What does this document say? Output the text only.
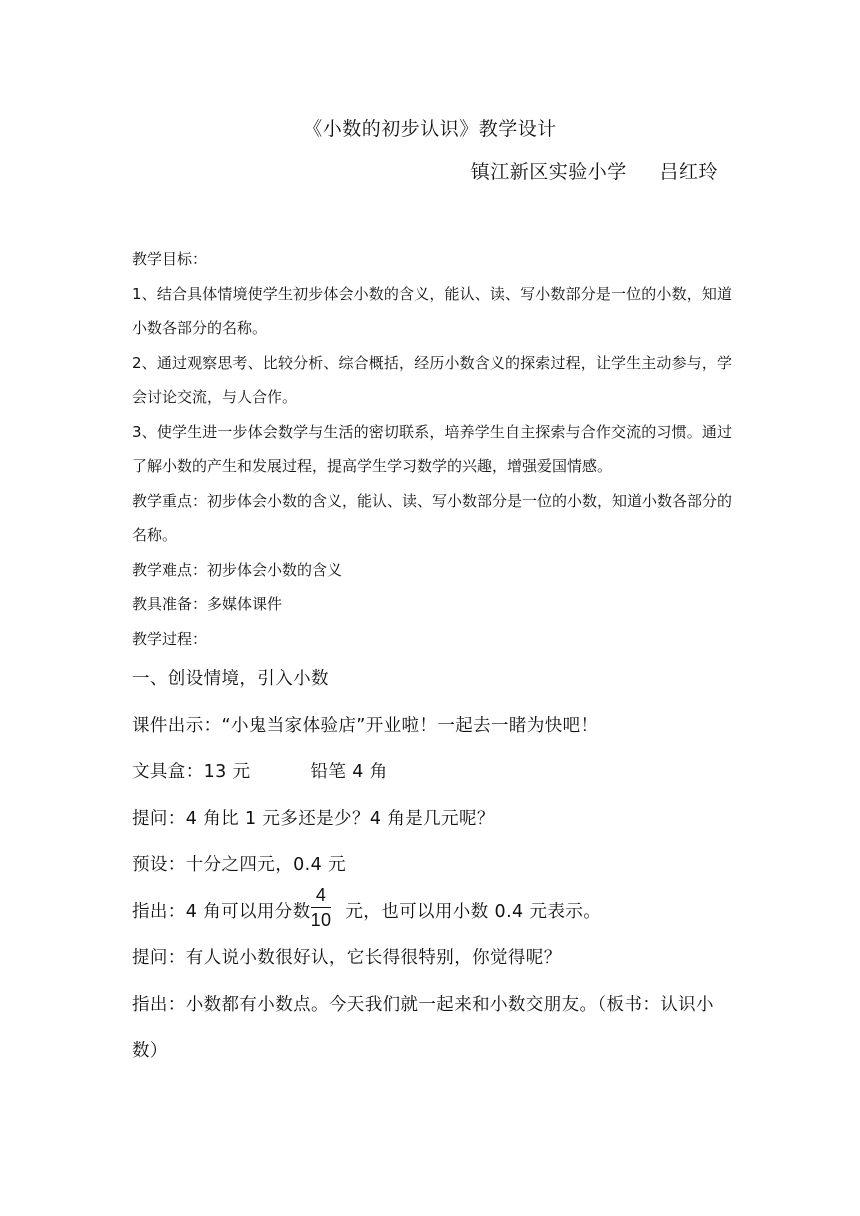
《小数的初步认识》教学设计
镇江新区实验小学     吕红玲

教学目标：

1、结合具体情境使学生初步体会小数的含义，能认、读、写小数部分是一位的小数，知道小数各部分的名称。

2、通过观察思考、比较分析、综合概括，经历小数含义的探索过程，让学生主动参与，学会讨论交流，与人合作。

3、使学生进一步体会数学与生活的密切联系，培养学生自主探索与合作交流的习惯。通过了解小数的产生和发展过程，提高学生学习数学的兴趣，增强爱国情感。

教学重点：初步体会小数的含义，能认、读、写小数部分是一位的小数，知道小数各部分的名称。

教学难点：初步体会小数的含义

教具准备：多媒体课件

教学过程：

一、创设情境，引入小数

课件出示：“小鬼当家体验店”开业啦！一起去一睹为快吧！

文具盒：13 元	铅笔 4 角

提问：4 角比 1 元多还是少？4 角是几元呢？

预设：十分之四元，0.4 元

指出：4 角可以用分数 $\frac{4}{10}$ 元，也可以用小数 0.4 元表示。

提问：有人说小数很好认，它长得很特别，你觉得呢？

指出：小数都有小数点。今天我们就一起来和小数交朋友。（板书：认识小数）
